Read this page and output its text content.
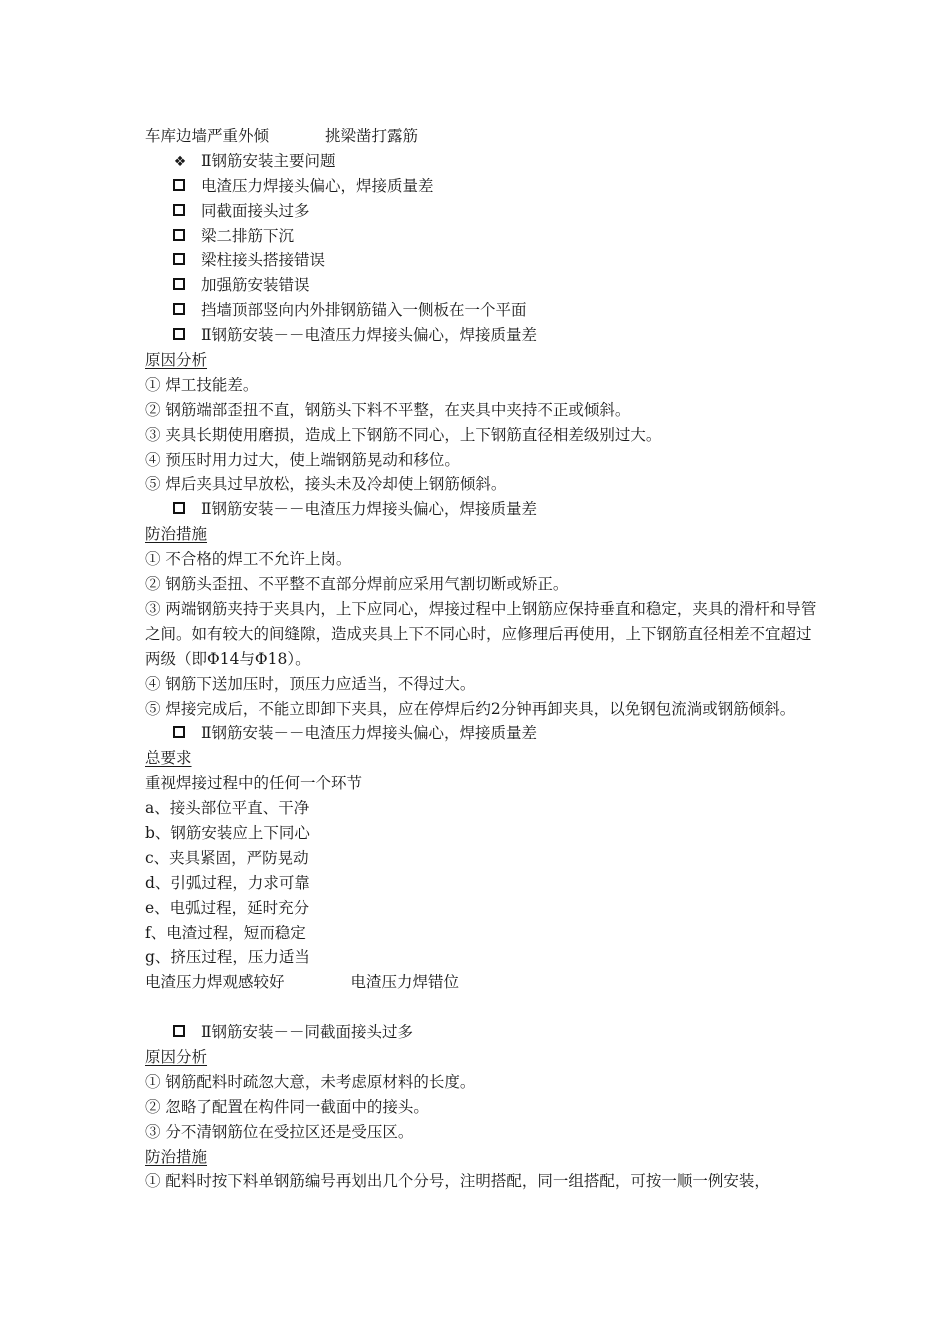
车库边墙严重外倾	挑梁凿打露筋
❖ Ⅱ钢筋安装主要问题
电渣压力焊接头偏心，焊接质量差
同截面接头过多
梁二排筋下沉
梁柱接头搭接错误
加强筋安装错误
挡墙顶部竖向内外排钢筋锚入一侧板在一个平面
Ⅱ钢筋安装－－电渣压力焊接头偏心，焊接质量差
原因分析
① 焊工技能差。
② 钢筋端部歪扭不直，钢筋头下料不平整，在夹具中夹持不正或倾斜。
③ 夹具长期使用磨损，造成上下钢筋不同心，上下钢筋直径相差级别过大。
④ 预压时用力过大，使上端钢筋晃动和移位。
⑤ 焊后夹具过早放松，接头未及冷却使上钢筋倾斜。
Ⅱ钢筋安装－－电渣压力焊接头偏心，焊接质量差
防治措施
① 不合格的焊工不允许上岗。
② 钢筋头歪扭、不平整不直部分焊前应采用气割切断或矫正。
③ 两端钢筋夹持于夹具内，上下应同心，焊接过程中上钢筋应保持垂直和稳定，夹具的滑杆和导管之间。如有较大的间缝隙，造成夹具上下不同心时，应修理后再使用，上下钢筋直径相差不宜超过两级（即Φ14与Φ18）。
④ 钢筋下送加压时，顶压力应适当，不得过大。
⑤ 焊接完成后，不能立即卸下夹具，应在停焊后约2分钟再卸夹具，以免钢包流淌或钢筋倾斜。
Ⅱ钢筋安装－－电渣压力焊接头偏心，焊接质量差
总要求
重视焊接过程中的任何一个环节
a、接头部位平直、干净
b、钢筋安装应上下同心
c、夹具紧固，严防晃动
d、引弧过程，力求可靠
e、电弧过程，延时充分
f、电渣过程，短而稳定
g、挤压过程，压力适当
电渣压力焊观感较好	电渣压力焊错位
Ⅱ钢筋安装－－同截面接头过多
原因分析
① 钢筋配料时疏忽大意，未考虑原材料的长度。
② 忽略了配置在构件同一截面中的接头。
③ 分不清钢筋位在受拉区还是受压区。
防治措施
① 配料时按下料单钢筋编号再划出几个分号，注明搭配，同一组搭配，可按一顺一例安装，
